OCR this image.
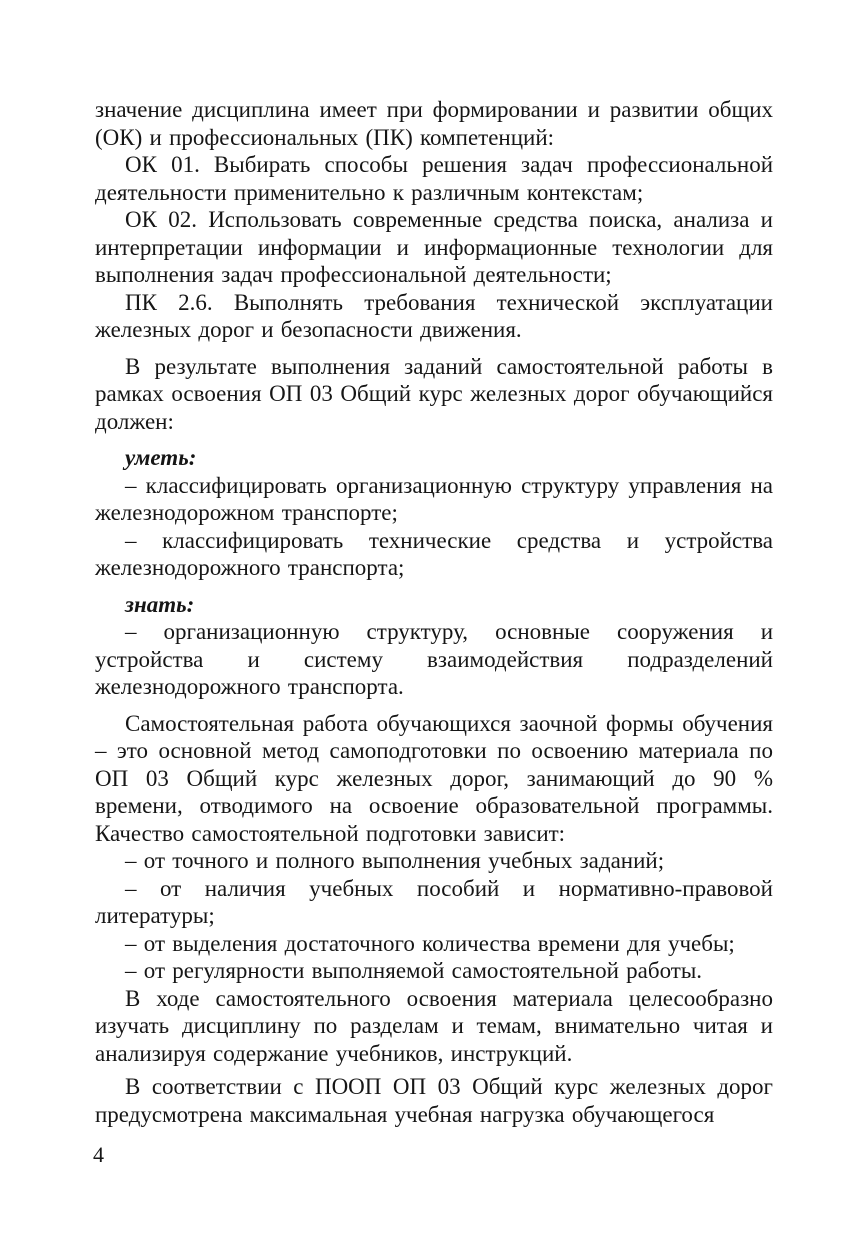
значение дисциплина имеет при формировании и развитии общих (ОК) и профессиональных (ПК) компетенций:

ОК 01. Выбирать способы решения задач профессиональной деятельности применительно к различным контекстам;

ОК 02. Использовать современные средства поиска, анализа и интерпретации информации и информационные технологии для выполнения задач профессиональной деятельности;

ПК 2.6. Выполнять требования технической эксплуатации железных дорог и безопасности движения.

В результате выполнения заданий самостоятельной работы в рамках освоения ОП 03 Общий курс железных дорог обучающийся должен:

уметь:

– классифицировать организационную структуру управления на железнодорожном транспорте;

– классифицировать технические средства и устройства железнодорожного транспорта;

знать:

– организационную структуру, основные сооружения и устройства и систему взаимодействия подразделений железнодорожного транспорта.

Самостоятельная работа обучающихся заочной формы обучения – это основной метод самоподготовки по освоению материала по ОП 03 Общий курс железных дорог, занимающий до 90 % времени, отводимого на освоение образовательной программы. Качество самостоятельной подготовки зависит:

– от точного и полного выполнения учебных заданий;

– от наличия учебных пособий и нормативно-правовой литературы;

– от выделения достаточного количества времени для учебы;

– от регулярности выполняемой самостоятельной работы.

В ходе самостоятельного освоения материала целесообразно изучать дисциплину по разделам и темам, внимательно читая и анализируя содержание учебников, инструкций.

В соответствии с ПООП ОП 03 Общий курс железных дорог предусмотрена максимальная учебная нагрузка обучающегося

4
